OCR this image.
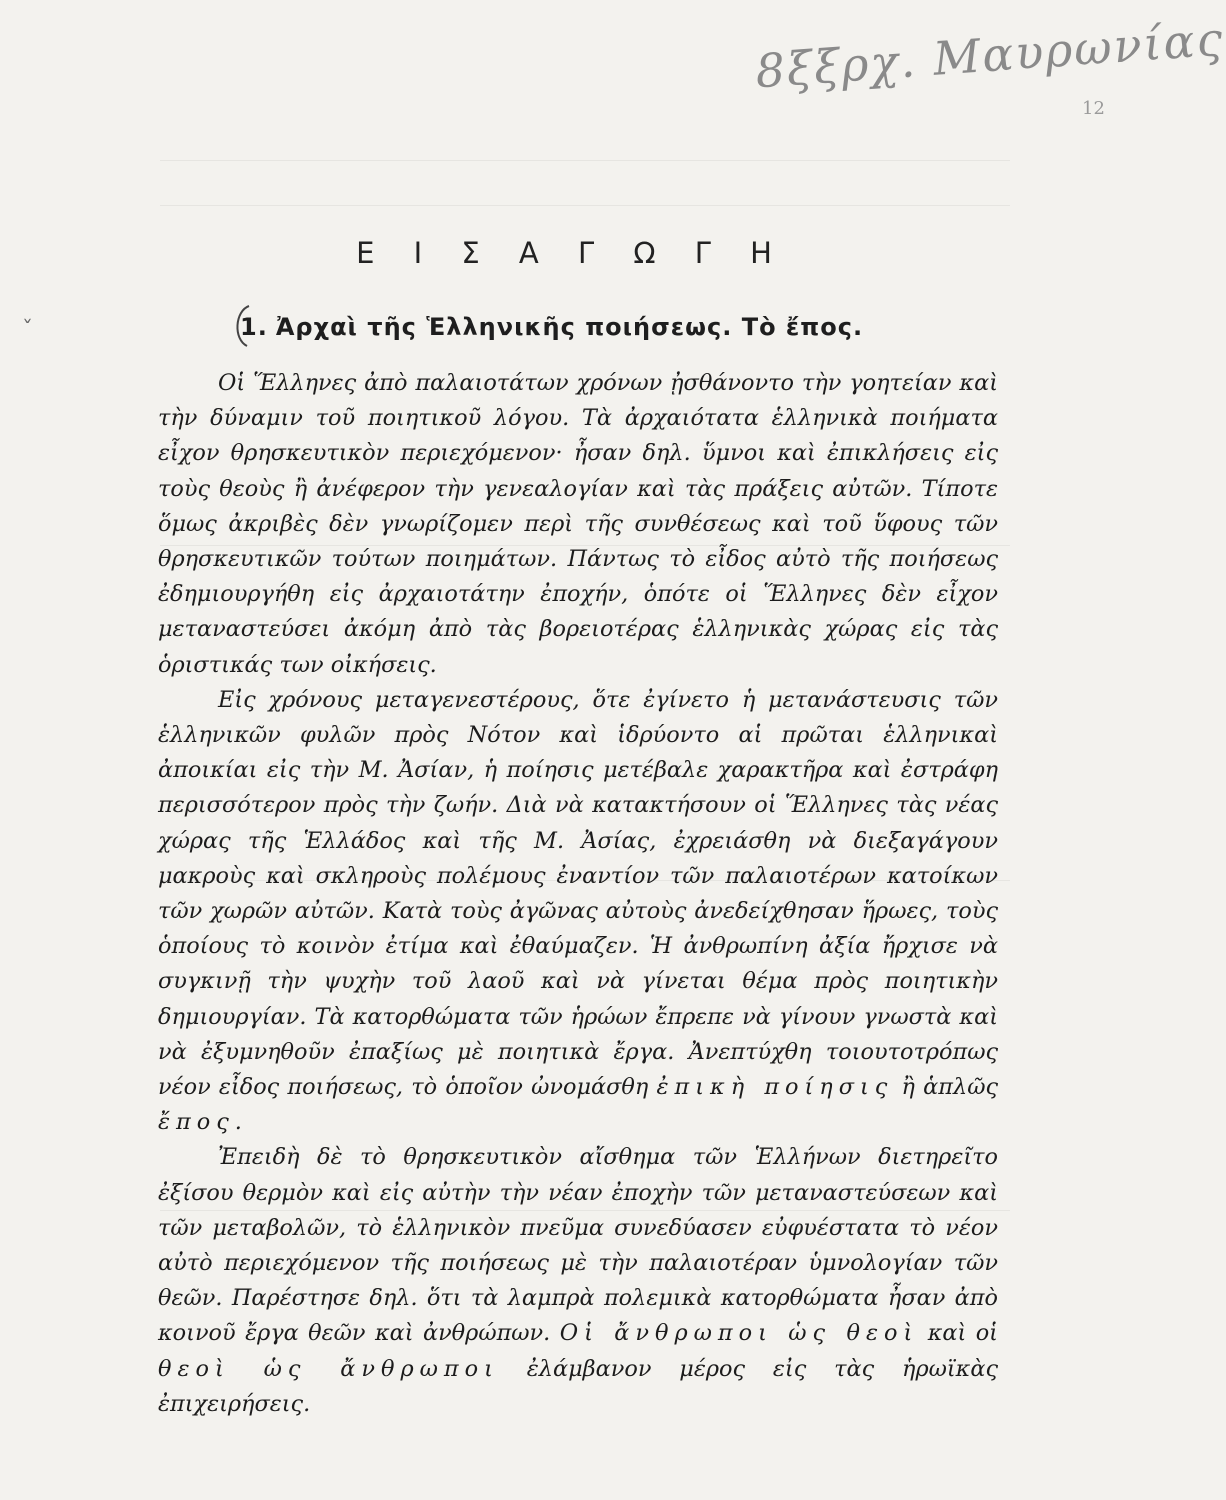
8ξξρχ. Μαυρωνίας
12
ˇ
Ε Ι Σ Α Γ Ω Γ Η
1. Ἀρχαὶ τῆς Ἑλληνικῆς ποιήσεως. Τὸ ἔπος.

Οἱ Ἕλληνες ἀπὸ παλαιοτάτων χρόνων ᾐσθάνοντο τὴν γοητείαν καὶ τὴν δύναμιν τοῦ ποιητικοῦ λόγου. Τὰ ἀρχαιότατα ἑλληνικὰ ποιήματα εἶχον θρησκευτικὸν περιεχόμενον· ἦσαν δηλ. ὕμνοι καὶ ἐπικλήσεις εἰς τοὺς θεοὺς ἢ ἀνέφερον τὴν γενεαλογίαν καὶ τὰς πράξεις αὐτῶν. Τίποτε ὅμως ἀκριβὲς δὲν γνωρίζομεν περὶ τῆς συνθέσεως καὶ τοῦ ὕφους τῶν θρησκευτικῶν τούτων ποιημάτων. Πάντως τὸ εἶδος αὐτὸ τῆς ποιήσεως ἐδημιουργήθη εἰς ἀρχαιοτάτην ἐποχήν, ὁπότε οἱ Ἕλληνες δὲν εἶχον μεταναστεύσει ἀκόμη ἀπὸ τὰς βορειοτέρας ἑλληνικὰς χώρας εἰς τὰς ὁριστικάς των οἰκήσεις.

Εἰς χρόνους μεταγενεστέρους, ὅτε ἐγίνετο ἡ μετανάστευσις τῶν ἑλληνικῶν φυλῶν πρὸς Νότον καὶ ἱδρύοντο αἱ πρῶται ἑλληνικαὶ ἀποικίαι εἰς τὴν Μ. Ἀσίαν, ἡ ποίησις μετέβαλε χαρακτῆρα καὶ ἐστράφη περισσότερον πρὸς τὴν ζωήν. Διὰ νὰ κατακτήσουν οἱ Ἕλληνες τὰς νέας χώρας τῆς Ἑλλάδος καὶ τῆς Μ. Ἀσίας, ἐχρειάσθη νὰ διεξαγάγουν μακροὺς καὶ σκληροὺς πολέμους ἐναντίον τῶν παλαιοτέρων κατοίκων τῶν χωρῶν αὐτῶν. Κατὰ τοὺς ἀγῶνας αὐτοὺς ἀνεδείχθησαν ἥρωες, τοὺς ὁποίους τὸ κοινὸν ἐτίμα καὶ ἐθαύμαζεν. Ἡ ἀνθρωπίνη ἀξία ἤρχισε νὰ συγκινῇ τὴν ψυχὴν τοῦ λαοῦ καὶ νὰ γίνεται θέμα πρὸς ποιητικὴν δημιουργίαν. Τὰ κατορθώματα τῶν ἡρώων ἔπρεπε νὰ γίνουν γνωστὰ καὶ νὰ ἐξυμνηθοῦν ἐπαξίως μὲ ποιητικὰ ἔργα. Ἀνεπτύχθη τοιουτοτρόπως νέον εἶδος ποιήσεως, τὸ ὁποῖον ὠνομάσθη ἐπικὴ ποίησις ἢ ἁπλῶς ἔπος.

Ἐπειδὴ δὲ τὸ θρησκευτικὸν αἴσθημα τῶν Ἑλλήνων διετηρεῖτο ἐξίσου θερμὸν καὶ εἰς αὐτὴν τὴν νέαν ἐποχὴν τῶν μεταναστεύσεων καὶ τῶν μεταβολῶν, τὸ ἑλληνικὸν πνεῦμα συνεδύασεν εὐφυέστατα τὸ νέον αὐτὸ περιεχόμενον τῆς ποιήσεως μὲ τὴν παλαιοτέραν ὑμνολογίαν τῶν θεῶν. Παρέστησε δηλ. ὅτι τὰ λαμπρὰ πολεμικὰ κατορθώματα ἦσαν ἀπὸ κοινοῦ ἔργα θεῶν καὶ ἀνθρώπων. Οἱ ἄνθρωποι ὡς θεοὶ καὶ οἱ θεοὶ ὡς ἄνθρωποι ἐλάμβανον μέρος εἰς τὰς ἡρωϊκὰς ἐπιχειρήσεις.
